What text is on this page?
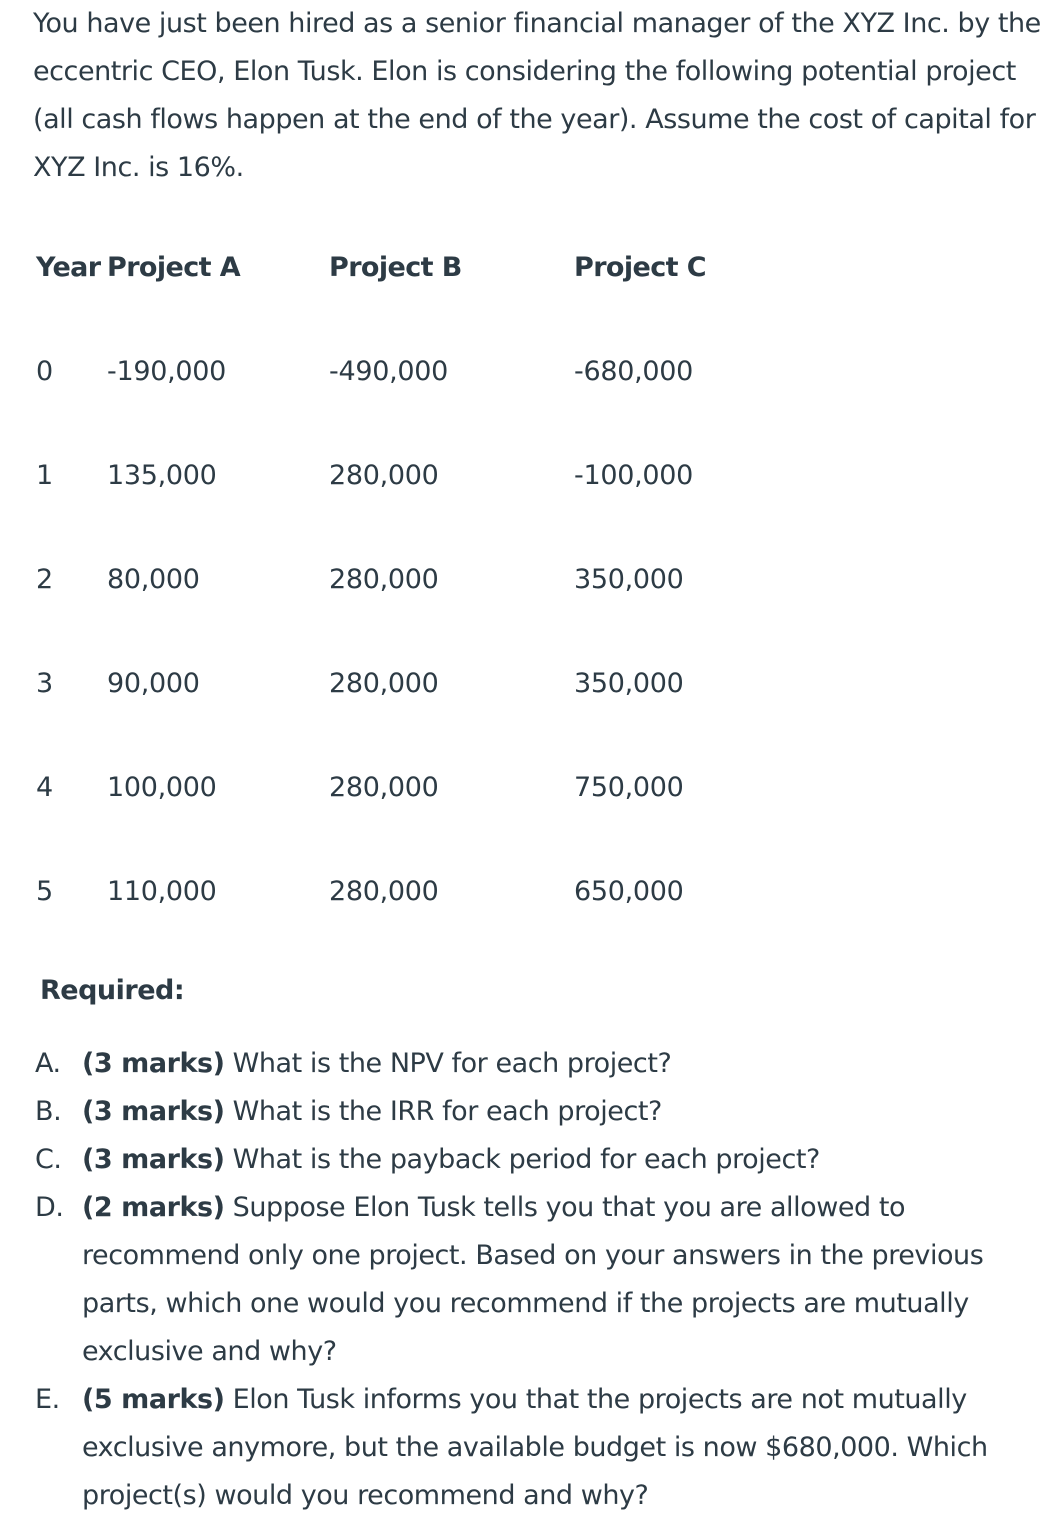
You have just been hired as a senior financial manager of the XYZ Inc. by the eccentric CEO, Elon Tusk. Elon is considering the following potential project (all cash flows happen at the end of the year). Assume the cost of capital for XYZ Inc. is 16%.

Year Project A	Project B	Project C
0 -190,000	-490,000	-680,000
1 135,000	280,000	-100,000
2 80,000	280,000	350,000
3 90,000	280,000	350,000
4 100,000	280,000	750,000
5 110,000	280,000	650,000
Required:
A. (3 marks) What is the NPV for each project?
B. (3 marks) What is the IRR for each project?
C. (3 marks) What is the payback period for each project?
D. (2 marks) Suppose Elon Tusk tells you that you are allowed to recommend only one project. Based on your answers in the previous parts, which one would you recommend if the projects are mutually exclusive and why?
E. (5 marks) Elon Tusk informs you that the projects are not mutually exclusive anymore, but the available budget is now $680,000. Which project(s) would you recommend and why?
